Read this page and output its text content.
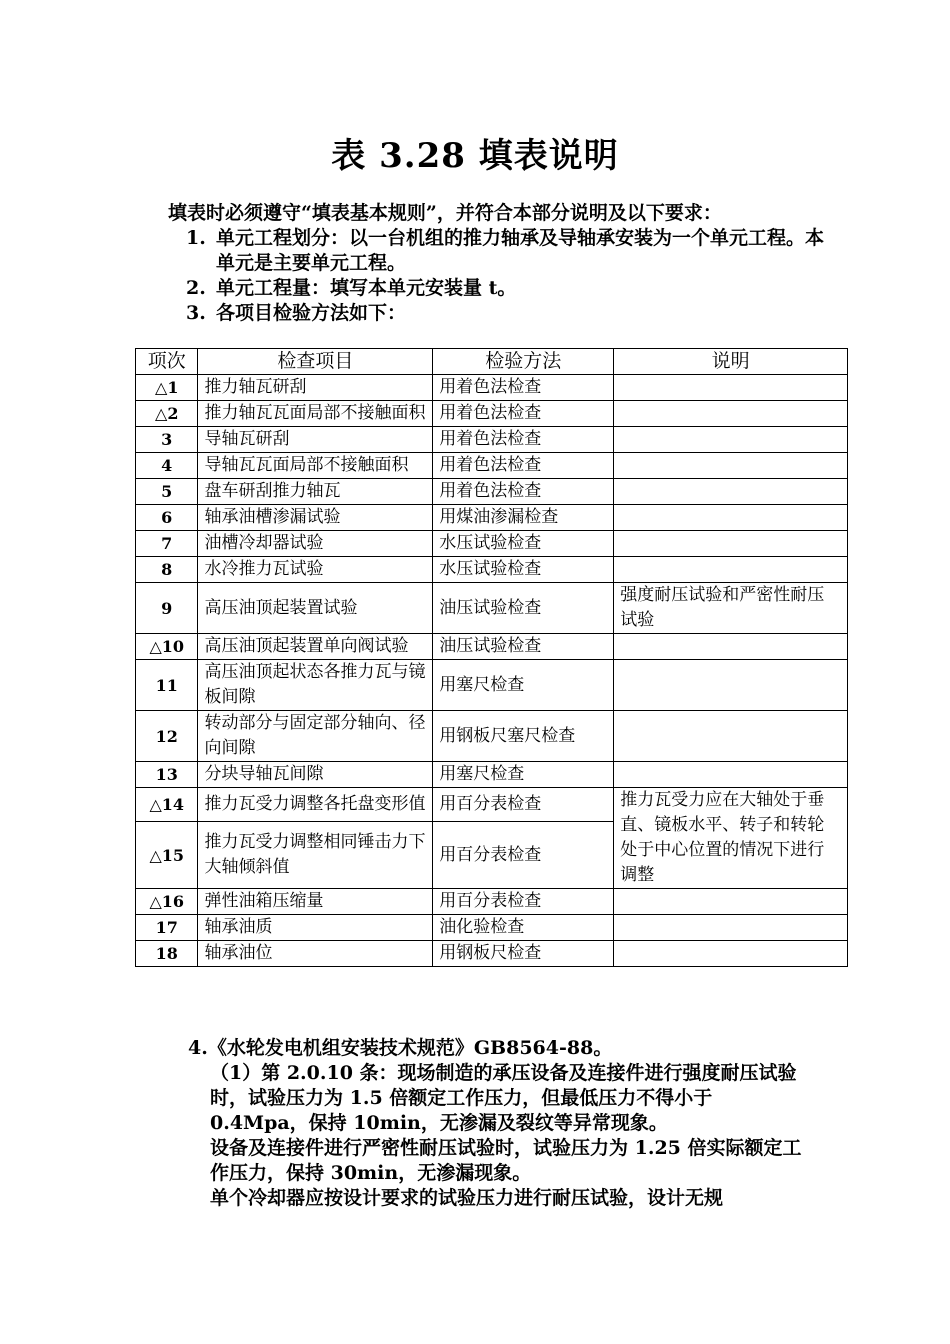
表 3.28 填表说明
填表时必须遵守“填表基本规则”，并符合本部分说明及以下要求：
1. 单元工程划分：以一台机组的推力轴承及导轴承安装为一个单元工程。本单元是主要单元工程。
2. 单元工程量：填写本单元安装量 t。
3. 各项目检验方法如下：
项次	检查项目	检验方法	说明
△1	推力轴瓦研刮	用着色法检查	
△2	推力轴瓦瓦面局部不接触面积	用着色法检查	
3	导轴瓦研刮	用着色法检查	
4	导轴瓦瓦面局部不接触面积	用着色法检查	
5	盘车研刮推力轴瓦	用着色法检查	
6	轴承油槽渗漏试验	用煤油渗漏检查	
7	油槽冷却器试验	水压试验检查	
8	水冷推力瓦试验	水压试验检查	
9	高压油顶起装置试验	油压试验检查	强度耐压试验和严密性耐压试验
△10	高压油顶起装置单向阀试验	油压试验检查	
11	高压油顶起状态各推力瓦与镜板间隙	用塞尺检查	
12	转动部分与固定部分轴向、径向间隙	用钢板尺塞尺检查	
13	分块导轴瓦间隙	用塞尺检查	
△14	推力瓦受力调整各托盘变形值	用百分表检查	推力瓦受力应在大轴处于垂直、镜板水平、转子和转轮处于中心位置的情况下进行调整
△15	推力瓦受力调整相同锤击力下大轴倾斜值	用百分表检查	
△16	弹性油箱压缩量	用百分表检查	
17	轴承油质	油化验检查	
18	轴承油位	用钢板尺检查	

4.《水轮发电机组安装技术规范》GB8564-88。

（1）第 2.0.10 条：现场制造的承压设备及连接件进行强度耐压试验时，试验压力为 1.5 倍额定工作压力，但最低压力不得小于 0.4Mpa，保持 10min，无渗漏及裂纹等异常现象。

设备及连接件进行严密性耐压试验时，试验压力为 1.25 倍实际额定工作压力，保持 30min，无渗漏现象。

单个冷却器应按设计要求的试验压力进行耐压试验，设计无规
